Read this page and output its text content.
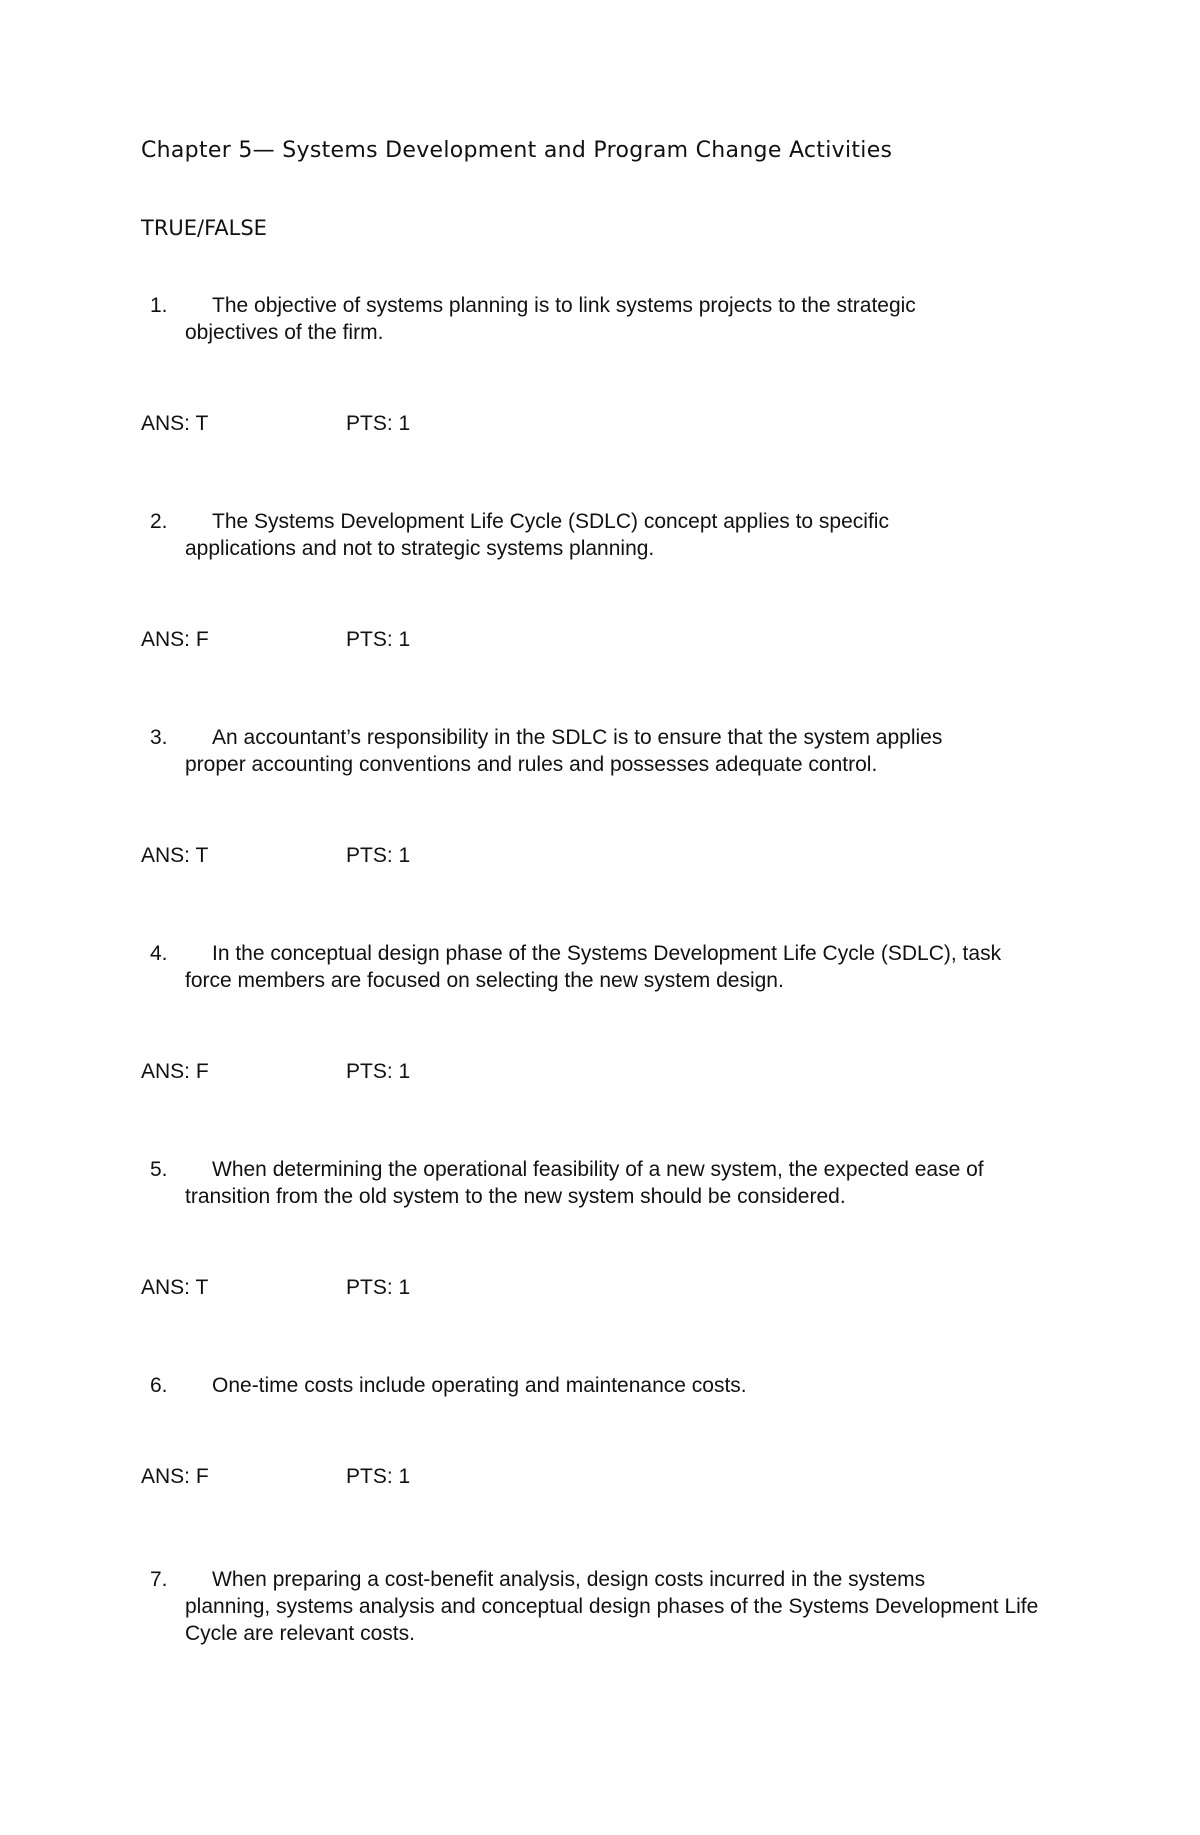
Chapter 5— Systems Development and Program Change Activities
TRUE/FALSE
1. The objective of systems planning is to link systems projects to the strategic
objectives of the firm.
ANS: T	PTS: 1
2. The Systems Development Life Cycle (SDLC) concept applies to specific
applications and not to strategic systems planning.
ANS: F	PTS: 1
3. An accountant’s responsibility in the SDLC is to ensure that the system applies
proper accounting conventions and rules and possesses adequate control.
ANS: T	PTS: 1
4. In the conceptual design phase of the Systems Development Life Cycle (SDLC), task
force members are focused on selecting the new system design.
ANS: F	PTS: 1
5. When determining the operational feasibility of a new system, the expected ease of
transition from the old system to the new system should be considered.
ANS: T	PTS: 1
6. One-time costs include operating and maintenance costs.
ANS: F	PTS: 1
7. When preparing a cost-benefit analysis, design costs incurred in the systems
planning, systems analysis and conceptual design phases of the Systems Development Life Cycle are relevant costs.
